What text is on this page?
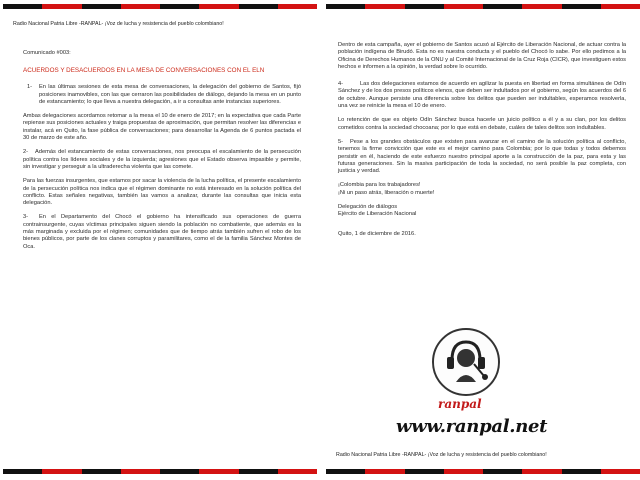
Radio Nacional Patria Libre -RANPAL- ¡Voz de lucha y resistencia del pueblo colombiano!
Comunicado #003:
ACUERDOS Y DESACUERDOS EN LA MESA DE CONVERSACIONES CON EL ELN
1- En las últimas sesiones de esta mesa de conversaciones, la delegación del gobierno de Santos, fijó posiciones inamovibles, con las que cerraron las posibilidades de diálogo, dejando la mesa en un punto de estancamiento; lo que lleva a nuestra delegación, a ir a consultas ante instancias superiores.
Ambas delegaciones acordamos retomar a la mesa el 10 de enero de 2017; en la expectativa que cada Parte repiense sus posiciones actuales y traiga propuestas de aproximación, que permitan resolver las diferencias e instalar, acá en Quito, la fase pública de conversaciones; para desarrollar la Agenda de 6 puntos pactada el 30 de marzo de este año.
2- Además del estancamiento de estas conversaciones, nos preocupa el escalamiento de la persecución política contra los líderes sociales y de la izquierda; agresiones que el Estado observa impasible y permite, sin investigar y perseguir a la ultraderecha violenta que las comete.
Para las fuerzas insurgentes, que estamos por sacar la violencia de la lucha política, el presente escalamiento de la persecución política nos indica que el régimen dominante no está interesado en la solución política del conflicto. Estas señales negativas, también las vamos a analizar, durante las consultas que inicia esta delegación.
3- En el Departamento del Chocó el gobierno ha intensificado sus operaciones de guerra contrainsurgente, cuyas víctimas principales siguen siendo la población no combatiente, que además es la más marginada y excluida por el régimen; comunidades que de tiempo atrás también sufren el robo de los bienes públicos, por parte de los clanes corruptos y paramilitares, como el de la familia Sánchez Montes de Oca.
Dentro de esta campaña, ayer el gobierno de Santos acusó al Ejército de Liberación Nacional, de actuar contra la población indígena de Birudó. Esta no es nuestra conducta y el pueblo del Chocó lo sabe. Por ello pedimos a la Oficina de Derechos Humanos de la ONU y al Comité Internacional de la Cruz Roja (CICR), que investiguen estos hechos e informen a la opinión, la verdad sobre lo ocurrido.
4-	Las dos delegaciones estamos de acuerdo en agilizar la puesta en libertad en forma simultánea de Odín Sánchez y de los dos presos políticos elenos, que deben ser indultados por el gobierno, según los acuerdos del 6 de octubre. Aunque persiste una diferencia sobre los delitos que pueden ser indultables, esperamos resolverla, una vez se reinicie la mesa el 10 de enero.
Lo retención de que es objeto Odín Sánchez busca hacerle un juicio político a él y a su clan, por los delitos cometidos contra la sociedad chocoana; por lo que está en debate, cuáles de tales delitos son indultables.
5- Pese a los grandes obstáculos que existen para avanzar en el camino de la solución política al conflicto, tenemos la firme convicción que este es el mejor camino para Colombia; por lo que todas y todos debemos persistir en él, haciendo de este esfuerzo nuestro principal aporte a la construcción de la paz, para esta y las futuras generaciones. Sin la masiva participación de toda la sociedad, no será posible la paz completa, con justicia y verdad.
¡Colombia para los trabajadores!
¡Ni un paso atrás, liberación o muerte!
Delegación de diálogos
Ejército de Liberación Nacional
Quito, 1 de diciembre de 2016.
ranpal
www.ranpal.net
Radio Nacional Patria Libre -RANPAL- ¡Voz de lucha y resistencia del pueblo colombiano!
